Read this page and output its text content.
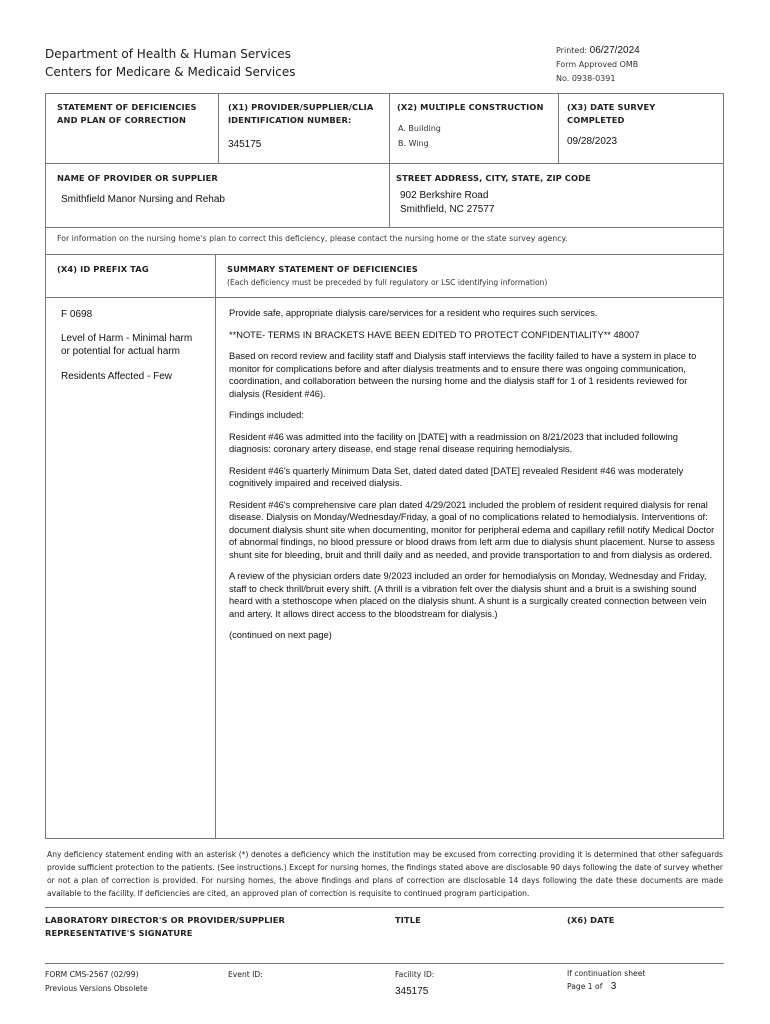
Department of Health & Human Services
Centers for Medicare & Medicaid Services
Printed: 06/27/2024
Form Approved OMB
No. 0938-0391
STATEMENT OF DEFICIENCIES
AND PLAN OF CORRECTION
(X1) PROVIDER/SUPPLIER/CLIA
IDENTIFICATION NUMBER:
345175
(X2) MULTIPLE CONSTRUCTION
A. Building
B. Wing
(X3) DATE SURVEY
COMPLETED
09/28/2023
NAME OF PROVIDER OR SUPPLIER
Smithfield Manor Nursing and Rehab
STREET ADDRESS, CITY, STATE, ZIP CODE
902 Berkshire Road
Smithfield, NC 27577
For information on the nursing home's plan to correct this deficiency, please contact the nursing home or the state survey agency.
(X4) ID PREFIX TAG	SUMMARY STATEMENT OF DEFICIENCIES
(Each deficiency must be preceded by full regulatory or LSC identifying information)
F 0698
Level of Harm - Minimal harm
or potential for actual harm
Residents Affected - Few

Provide safe, appropriate dialysis care/services for a resident who requires such services.

**NOTE- TERMS IN BRACKETS HAVE BEEN EDITED TO PROTECT CONFIDENTIALITY** 48007

Based on record review and facility staff and Dialysis staff interviews the facility failed to have a system in place to monitor for complications before and after dialysis treatments and to ensure there was ongoing communication, coordination, and collaboration between the nursing home and the dialysis staff for 1 of 1 residents reviewed for dialysis (Resident #46).

Findings included:

Resident #46 was admitted into the facility on [DATE] with a readmission on 8/21/2023 that included following diagnosis: coronary artery disease, end stage renal disease requiring hemodialysis.

Resident #46's quarterly Minimum Data Set, dated dated dated [DATE] revealed Resident #46 was moderately cognitively impaired and received dialysis.

Resident #46's comprehensive care plan dated 4/29/2021 included the problem of resident required dialysis for renal disease. Dialysis on Monday/Wednesday/Friday, a goal of no complications related to hemodialysis. Interventions of: document dialysis shunt site when documenting, monitor for peripheral edema and capillary refill notify Medical Doctor of abnormal findings, no blood pressure or blood draws from left arm due to dialysis shunt placement. Nurse to assess shunt site for bleeding, bruit and thrill daily and as needed, and provide transportation to and from dialysis as ordered.

A review of the physician orders date 9/2023 included an order for hemodialysis on Monday, Wednesday and Friday, staff to check thrill/bruit every shift. (A thrill is a vibration felt over the dialysis shunt and a bruit is a swishing sound heard with a stethoscope when placed on the dialysis shunt. A shunt is a surgically created connection between vein and artery. It allows direct access to the bloodstream for dialysis.)

(continued on next page)

Any deficiency statement ending with an asterisk (*) denotes a deficiency which the institution may be excused from correcting providing it is determined that other safeguards provide sufficient protection to the patients. (See instructions.) Except for nursing homes, the findings stated above are disclosable 90 days following the date of survey whether or not a plan of correction is provided. For nursing homes, the above findings and plans of correction are disclosable 14 days following the date these documents are made available to the facility. If deficiencies are cited, an approved plan of correction is requisite to continued program participation.
LABORATORY DIRECTOR'S OR PROVIDER/SUPPLIER
REPRESENTATIVE'S SIGNATURE
TITLE	(X6) DATE
FORM CMS-2567 (02/99)
Previous Versions Obsolete
Event ID:	Facility ID:
345175
If continuation sheet
Page 1 of 3
